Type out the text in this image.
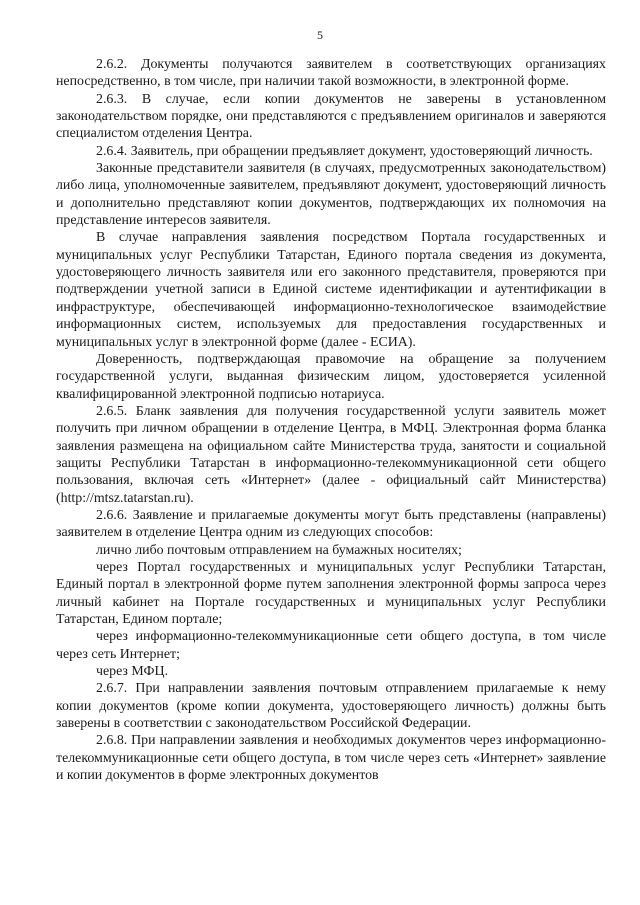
5

2.6.2. Документы получаются заявителем в соответствующих организациях непосредственно, в том числе, при наличии такой возможности, в электронной форме.

2.6.3. В случае, если копии документов не заверены в установленном законодательством порядке, они представляются с предъявлением оригиналов и заверяются специалистом отделения Центра.

2.6.4. Заявитель, при обращении предъявляет документ, удостоверяющий личность.

Законные представители заявителя (в случаях, предусмотренных законодательством) либо лица, уполномоченные заявителем, предъявляют документ, удостоверяющий личность и дополнительно представляют копии документов, подтверждающих их полномочия на представление интересов заявителя.

В случае направления заявления посредством Портала государственных и муниципальных услуг Республики Татарстан, Единого портала сведения из документа, удостоверяющего личность заявителя или его законного представителя, проверяются при подтверждении учетной записи в Единой системе идентификации и аутентификации в инфраструктуре, обеспечивающей информационно-технологическое взаимодействие информационных систем, используемых для предоставления государственных и муниципальных услуг в электронной форме (далее - ЕСИА).

Доверенность, подтверждающая правомочие на обращение за получением государственной услуги, выданная физическим лицом, удостоверяется усиленной квалифицированной электронной подписью нотариуса.

2.6.5. Бланк заявления для получения государственной услуги заявитель может получить при личном обращении в отделение Центра, в МФЦ. Электронная форма бланка заявления размещена на официальном сайте Министерства труда, занятости и социальной защиты Республики Татарстан в информационно-телекоммуникационной сети общего пользования, включая сеть «Интернет» (далее - официальный сайт Министерства) (http://mtsz.tatarstan.ru).

2.6.6. Заявление и прилагаемые документы могут быть представлены (направлены) заявителем в отделение Центра одним из следующих способов:

лично либо почтовым отправлением на бумажных носителях;

через Портал государственных и муниципальных услуг Республики Татарстан, Единый портал в электронной форме путем заполнения электронной формы запроса через личный кабинет на Портале государственных и муниципальных услуг Республики Татарстан, Едином портале;

через информационно-телекоммуникационные сети общего доступа, в том числе через сеть Интернет;

через МФЦ.

2.6.7. При направлении заявления почтовым отправлением прилагаемые к нему копии документов (кроме копии документа, удостоверяющего личность) должны быть заверены в соответствии с законодательством Российской Федерации.

2.6.8. При направлении заявления и необходимых документов через информационно-телекоммуникационные сети общего доступа, в том числе через сеть «Интернет» заявление и копии документов в форме электронных документов
